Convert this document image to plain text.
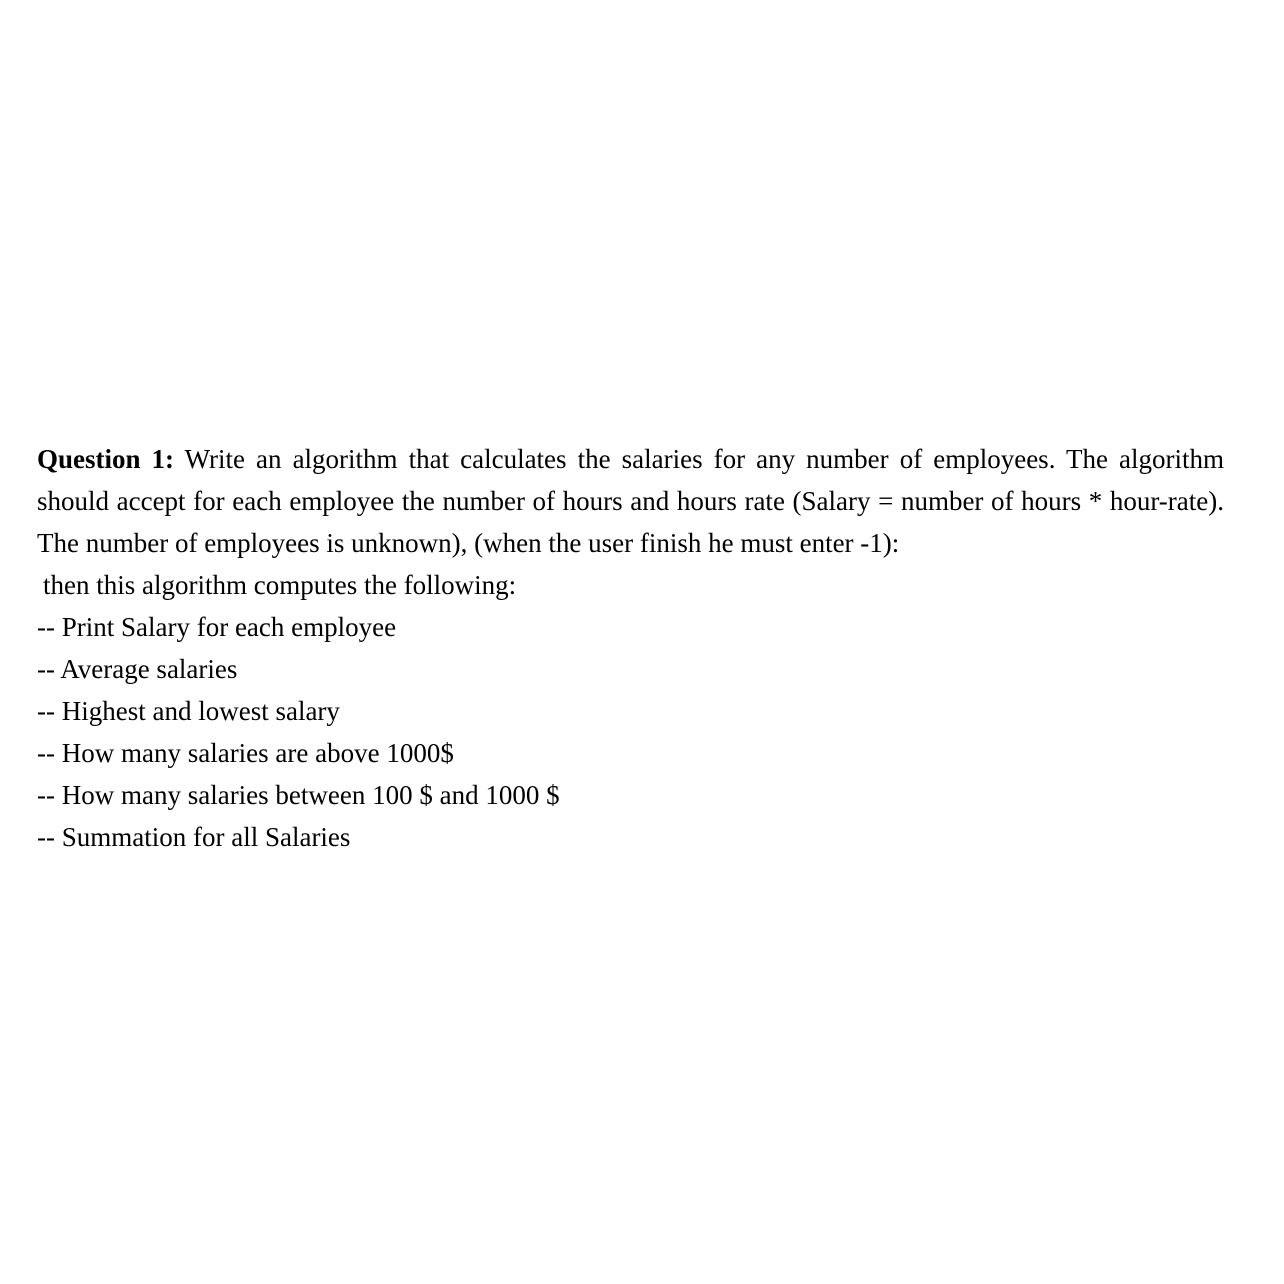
Question 1: Write an algorithm that calculates the salaries for any number of employees. The algorithm should accept for each employee the number of hours and hours rate (Salary = number of hours * hour-rate). The number of employees is unknown), (when the user finish he must enter -1):

then this algorithm computes the following:

-- Print Salary for each employee

-- Average salaries

-- Highest and lowest salary

-- How many salaries are above 1000$

-- How many salaries between 100 $ and 1000 $

-- Summation for all Salaries
